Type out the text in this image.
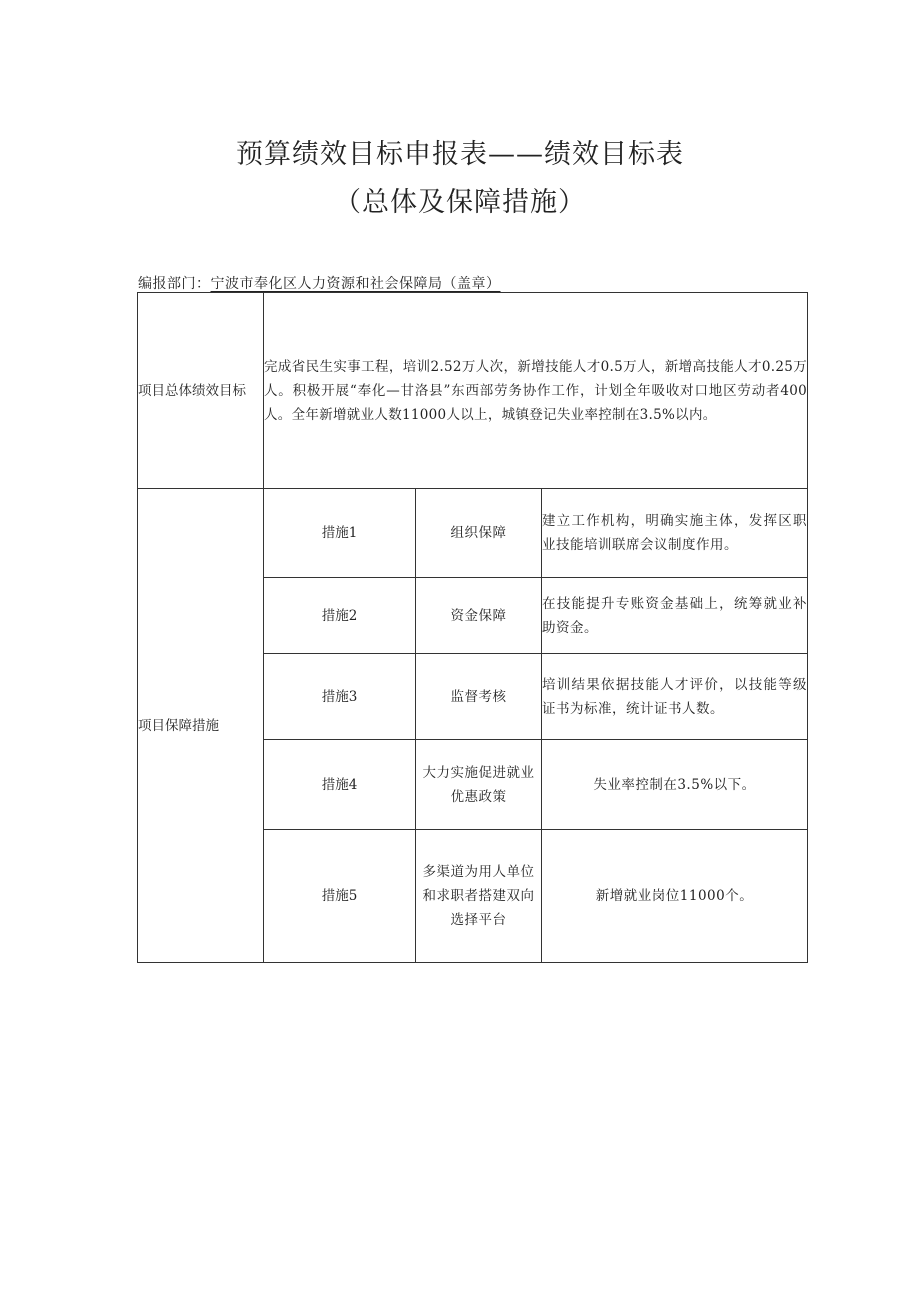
预算绩效目标申报表——绩效目标表
（总体及保障措施）
编报部门：宁波市奉化区人力资源和社会保障局（盖章）
项目总体绩效目标	完成省民生实事工程，培训2.52万人次，新增技能人才0.5万人，新增高技能人才0.25万人。积极开展“奉化—甘洛县”东西部劳务协作工作，计划全年吸收对口地区劳动者400人。全年新增就业人数11000人以上，城镇登记失业率控制在3.5%以内。		
项目保障措施	措施1	组织保障	建立工作机构，明确实施主体，发挥区职业技能培训联席会议制度作用。
	措施2	资金保障	在技能提升专账资金基础上，统筹就业补助资金。
	措施3	监督考核	培训结果依据技能人才评价，以技能等级证书为标准，统计证书人数。
	措施4	大力实施促进就业优惠政策	失业率控制在3.5%以下。
	措施5	多渠道为用人单位和求职者搭建双向选择平台	新增就业岗位11000个。
